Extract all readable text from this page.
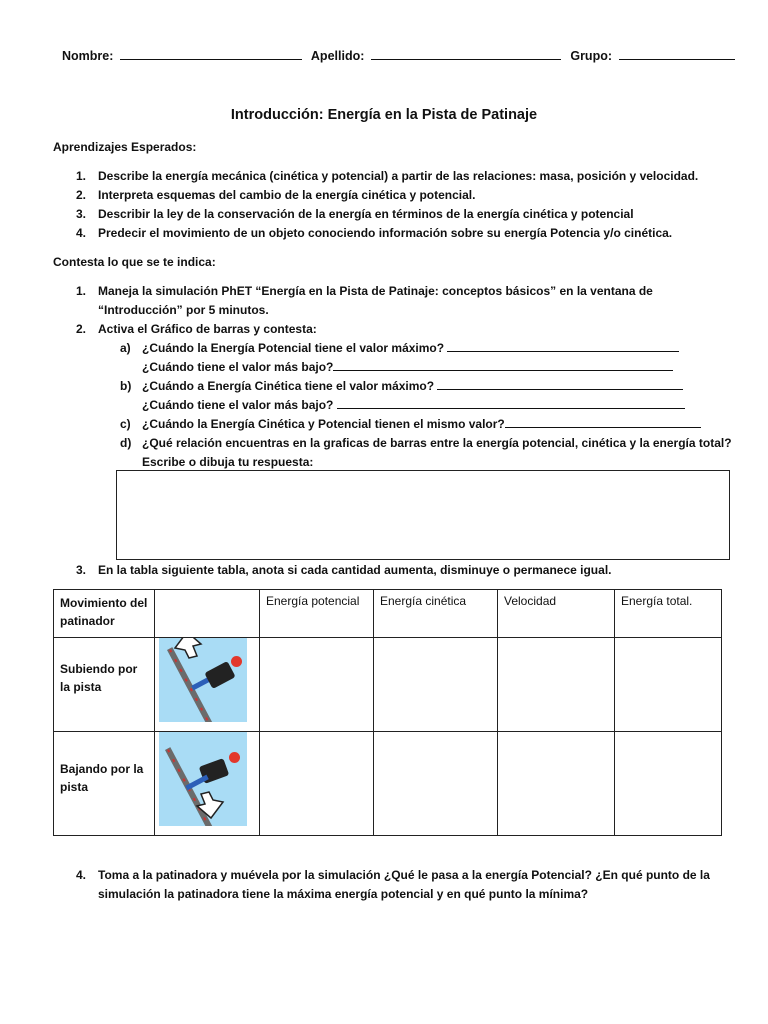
Nombre:	Apellido:	Grupo:
Introducción: Energía en la Pista de Patinaje
Aprendizajes Esperados:
1. Describe la energía mecánica (cinética y potencial) a partir de las relaciones: masa, posición y velocidad.
2. Interpreta esquemas del cambio de la energía cinética y potencial.
3. Describir la ley de la conservación de la energía en términos de la energía cinética y potencial
4. Predecir el movimiento de un objeto conociendo información sobre su energía Potencia y/o cinética.
Contesta lo que se te indica:
1. Maneja la simulación PhET “Energía en la Pista de Patinaje: conceptos básicos” en la ventana de
“Introducción” por 5 minutos.
2. Activa el Gráfico de barras y contesta:
a) ¿Cuándo la Energía Potencial tiene el valor máximo?
¿Cuándo tiene el valor más bajo?
b) ¿Cuándo a Energía Cinética tiene el valor máximo?
¿Cuándo tiene el valor más bajo?
c) ¿Cuándo la Energía Cinética y Potencial tienen el mismo valor?
d) ¿Qué relación encuentras en la graficas de barras entre la energía potencial, cinética y la energía total?
Escribe o dibuja tu respuesta:
3. En la tabla siguiente tabla, anota si cada cantidad aumenta, disminuye o permanece igual.
Movimiento del patinador		Energía potencial	Energía cinética	Velocidad	Energía total.
Subiendo por la pista	

Bajando por la pista	

4. Toma a la patinadora y muévela por la simulación ¿Qué le pasa a la energía Potencial? ¿En qué punto de la
simulación la patinadora tiene la máxima energía potencial y en qué punto la mínima?
